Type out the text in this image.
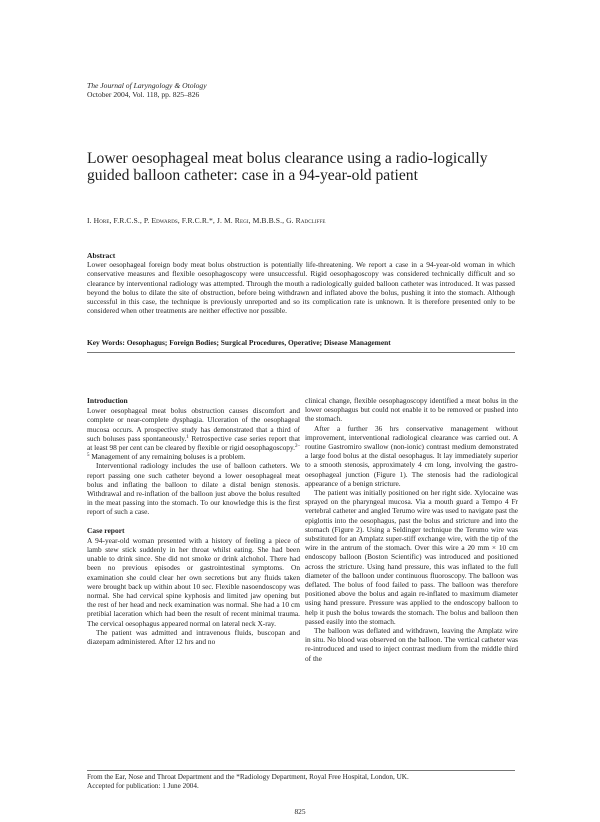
The Journal of Laryngology & Otology
October 2004, Vol. 118, pp. 825–826
Lower oesophageal meat bolus clearance using a radio-logically guided balloon catheter: case in a 94-year-old patient
I. Hore, F.R.C.S., P. Edwards, F.R.C.R.*, J. M. Regi, M.B.B.S., G. Radcliffe
Abstract
Lower oesophageal foreign body meat bolus obstruction is potentially life-threatening. We report a case in a 94-year-old woman in which conservative measures and flexible oesophagoscopy were unsuccessful. Rigid oesophagoscopy was considered technically difficult and so clearance by interventional radiology was attempted. Through the mouth a radiologically guided balloon catheter was introduced. It was passed beyond the bolus to dilate the site of obstruction, before being withdrawn and inflated above the bolus, pushing it into the stomach. Although successful in this case, the technique is previously unreported and so its complication rate is unknown. It is therefore presented only to be considered when other treatments are neither effective nor possible.
Key Words: Oesophagus; Foreign Bodies; Surgical Procedures, Operative; Disease Management
Introduction

Lower oesophageal meat bolus obstruction causes discomfort and complete or near-complete dysphagia. Ulceration of the oesophageal mucosa occurs. A prospective study has demonstrated that a third of such boluses pass spontaneously.$^1$ Retrospective case series report that at least 98 per cent can be cleared by flexible or rigid oesophagoscopy.$^{2-5}$ Management of any remaining boluses is a problem.

Interventional radiology includes the use of balloon catheters. We report passing one such catheter beyond a lower oesophageal meat bolus and inflating the balloon to dilate a distal benign stenosis. Withdrawal and re-inflation of the balloon just above the bolus resulted in the meat passing into the stomach. To our knowledge this is the first report of such a case.

Case report

A 94-year-old woman presented with a history of feeling a piece of lamb stew stick suddenly in her throat whilst eating. She had been unable to drink since. She did not smoke or drink alchohol. There had been no previous episodes or gastrointestinal symptoms. On examination she could clear her own secretions but any fluids taken were brought back up within about 10 sec. Flexible nasoendoscopy was normal. She had cervical spine kyphosis and limited jaw opening but the rest of her head and neck examination was normal. She had a 10 cm pretibial laceration which had been the result of recent minimal trauma. The cervical oesophagus appeared normal on lateral neck X-ray.

The patient was admitted and intravenous fluids, buscopan and diazepam administered. After 12 hrs and no

clinical change, flexible oesophagoscopy identified a meat bolus in the lower oesophagus but could not enable it to be removed or pushed into the stomach.

After a further 36 hrs conservative management without improvement, interventional radiological clearance was carried out. A routine Gastromiro swallow (non-ionic) contrast medium demonstrated a large food bolus at the distal oesophagus. It lay immediately superior to a smooth stenosis, approximately 4 cm long, involving the gastro-oesophageal junction (Figure 1). The stenosis had the radiological appearance of a benign stricture.

The patient was initially positioned on her right side. Xylocaine was sprayed on the pharyngeal mucosa. Via a mouth guard a Tempo 4 Fr vertebral catheter and angled Terumo wire was used to navigate past the epiglottis into the oesophagus, past the bolus and stricture and into the stomach (Figure 2). Using a Seldinger technique the Terumo wire was substituted for an Amplatz super-stiff exchange wire, with the tip of the wire in the antrum of the stomach. Over this wire a 20 mm × 10 cm endoscopy balloon (Boston Scientific) was introduced and positioned across the stricture. Using hand pressure, this was inflated to the full diameter of the balloon under continuous fluoroscopy. The balloon was deflated. The bolus of food failed to pass. The balloon was therefore positioned above the bolus and again re-inflated to maximum diameter using hand pressure. Pressure was applied to the endoscopy balloon to help it push the bolus towards the stomach. The bolus and balloon then passed easily into the stomach.

The balloon was deflated and withdrawn, leaving the Amplatz wire in situ. No blood was observed on the balloon. The vertical catheter was re-introduced and used to inject contrast medium from the middle third of the

From the Ear, Nose and Throat Department and the *Radiology Department, Royal Free Hospital, London, UK.
Accepted for publication: 1 June 2004.
825
